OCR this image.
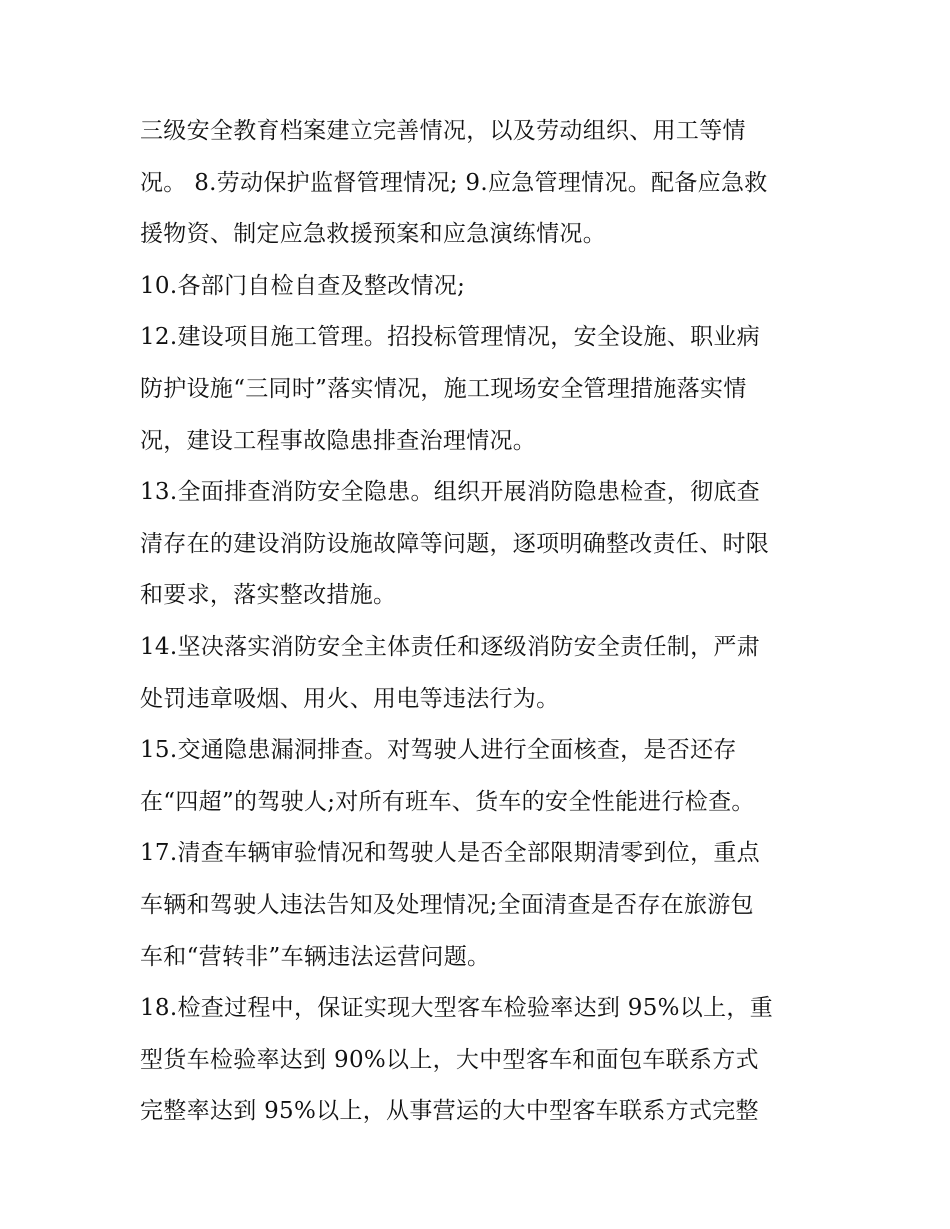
三级安全教育档案建立完善情况，以及劳动组织、用工等情
况。 8.劳动保护监督管理情况; 9.应急管理情况。配备应急救
援物资、制定应急救援预案和应急演练情况。
10.各部门自检自查及整改情况;
12.建设项目施工管理。招投标管理情况，安全设施、职业病
防护设施“三同时”落实情况，施工现场安全管理措施落实情
况，建设工程事故隐患排查治理情况。
13.全面排查消防安全隐患。组织开展消防隐患检查，彻底查
清存在的建设消防设施故障等问题，逐项明确整改责任、时限
和要求，落实整改措施。
14.坚决落实消防安全主体责任和逐级消防安全责任制，严肃
处罚违章吸烟、用火、用电等违法行为。
15.交通隐患漏洞排查。对驾驶人进行全面核查，是否还存
在“四超”的驾驶人;对所有班车、货车的安全性能进行检查。
17.清查车辆审验情况和驾驶人是否全部限期清零到位，重点
车辆和驾驶人违法告知及处理情况;全面清查是否存在旅游包
车和“营转非”车辆违法运营问题。
18.检查过程中，保证实现大型客车检验率达到 95%以上，重
型货车检验率达到 90%以上，大中型客车和面包车联系方式
完整率达到 95%以上，从事营运的大中型客车联系方式完整
